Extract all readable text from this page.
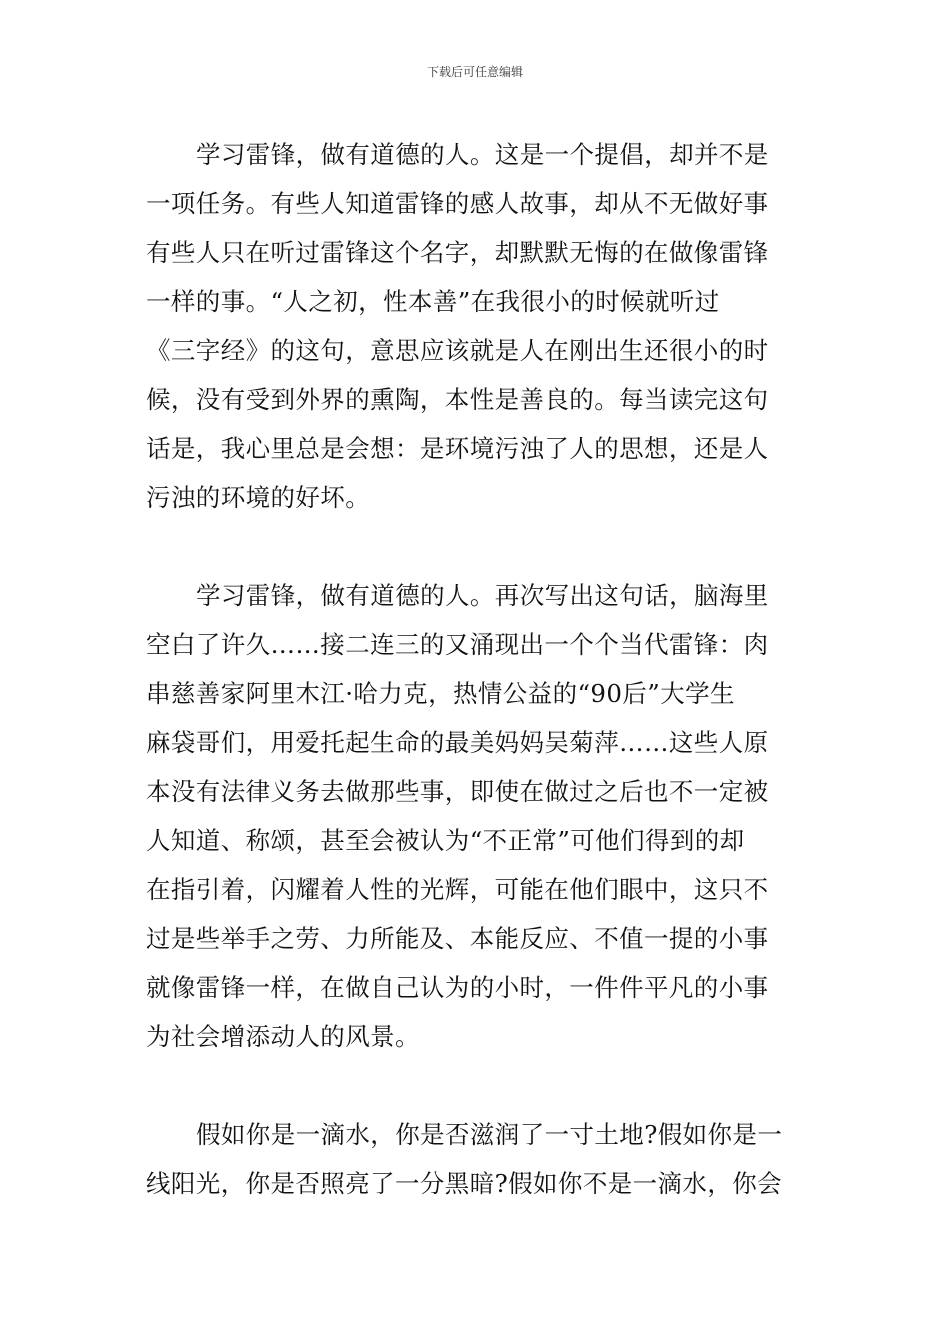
下载后可任意编辑
学习雷锋，做有道德的人。这是一个提倡，却并不是
一项任务。有些人知道雷锋的感人故事，却从不无做好事
有些人只在听过雷锋这个名字，却默默无悔的在做像雷锋
一样的事。“人之初，性本善”在我很小的时候就听过
《三字经》的这句，意思应该就是人在刚出生还很小的时
候，没有受到外界的熏陶，本性是善良的。每当读完这句
话是，我心里总是会想：是环境污浊了人的思想，还是人
污浊的环境的好坏。
学习雷锋，做有道德的人。再次写出这句话，脑海里
空白了许久……接二连三的又涌现出一个个当代雷锋：肉
串慈善家阿里木江·哈力克，热情公益的“90后”大学生
麻袋哥们，用爱托起生命的最美妈妈吴菊萍……这些人原
本没有法律义务去做那些事，即使在做过之后也不一定被
人知道、称颂，甚至会被认为“不正常”可他们得到的却
在指引着，闪耀着人性的光辉，可能在他们眼中，这只不
过是些举手之劳、力所能及、本能反应、不值一提的小事
就像雷锋一样，在做自己认为的小时，一件件平凡的小事
为社会增添动人的风景。
假如你是一滴水，你是否滋润了一寸土地?假如你是一
线阳光，你是否照亮了一分黑暗?假如你不是一滴水，你会
